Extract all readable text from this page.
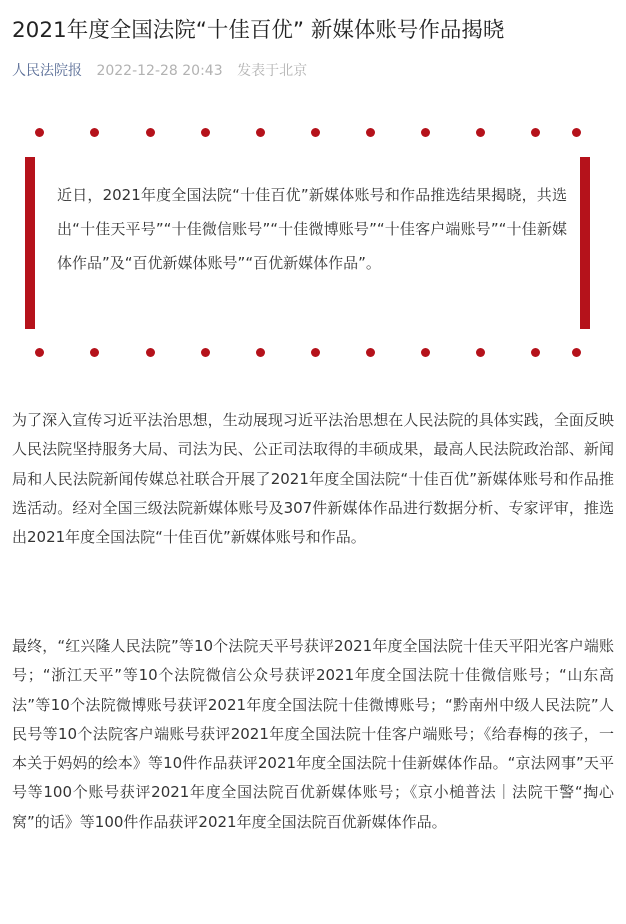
2021年度全国法院“十佳百优” 新媒体账号作品揭晓
人民法院报 2022-12-28 20:43 发表于北京

近日，2021年度全国法院“十佳百优”新媒体账号和作品推选结果揭晓，共选出“十佳天平号”“十佳微信账号”“十佳微博账号”“十佳客户端账号”“十佳新媒体作品”及“百优新媒体账号”“百优新媒体作品”。

为了深入宣传习近平法治思想，生动展现习近平法治思想在人民法院的具体实践，全面反映人民法院坚持服务大局、司法为民、公正司法取得的丰硕成果，最高人民法院政治部、新闻局和人民法院新闻传媒总社联合开展了2021年度全国法院“十佳百优”新媒体账号和作品推选活动。经对全国三级法院新媒体账号及307件新媒体作品进行数据分析、专家评审，推选出2021年度全国法院“十佳百优”新媒体账号和作品。

最终，“红兴隆人民法院”等10个法院天平号获评2021年度全国法院十佳天平阳光客户端账号；“浙江天平”等10个法院微信公众号获评2021年度全国法院十佳微信账号；“山东高法”等10个法院微博账号获评2021年度全国法院十佳微博账号；“黔南州中级人民法院”人民号等10个法院客户端账号获评2021年度全国法院十佳客户端账号；《给春梅的孩子，一本关于妈妈的绘本》等10件作品获评2021年度全国法院十佳新媒体作品。“京法网事”天平号等100个账号获评2021年度全国法院百优新媒体账号；《京小槌普法｜法院干警“掏心窝”的话》等100件作品获评2021年度全国法院百优新媒体作品。
